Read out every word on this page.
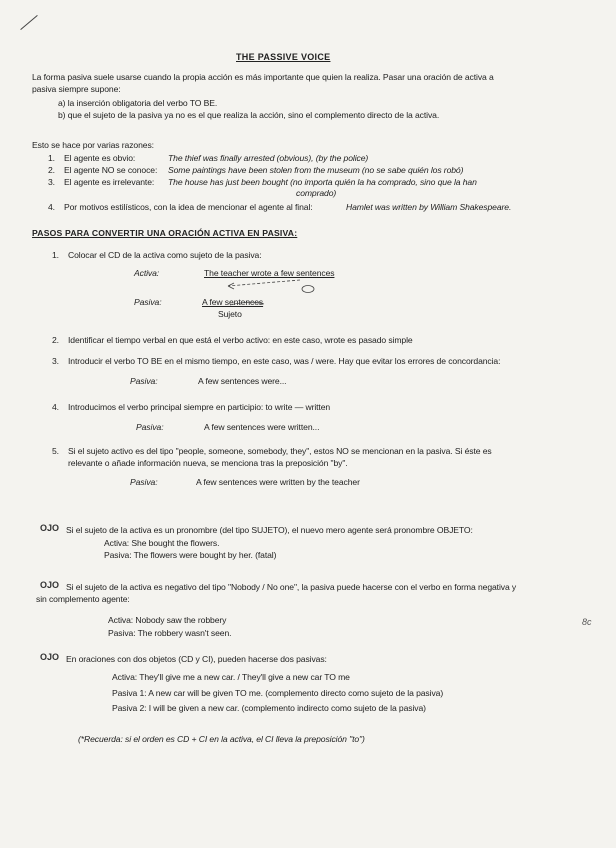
THE PASSIVE VOICE
La forma pasiva suele usarse cuando la propia acción es más importante que quien la realiza. Pasar una oración de activa a
pasiva siempre supone:
a) la inserción obligatoria del verbo TO BE.
b) que el sujeto de la pasiva ya no es el que realiza la acción, sino el complemento directo de la activa.
Esto se hace por varias razones:
1. El agente es obvio:	The thief was finally arrested (obvious), (by the police)
2. El agente NO se conoce: Some paintings have been stolen from the museum (no se sabe quién los robó)
3. El agente es irrelevante: The house has just been bought (no importa quién la ha comprado, sino que la han
comprado)
4. Por motivos estilísticos, con la idea de mencionar el agente al final:	Hamlet was written by William Shakespeare.
PASOS PARA CONVERTIR UNA ORACIÓN ACTIVA EN PASIVA:
1. Colocar el CD de la activa como sujeto de la pasiva:
Activa:	The teacher wrote a few sentences
Pasiva:	A few sentences
Sujeto
2. Identificar el tiempo verbal en que está el verbo activo: en este caso, wrote es pasado simple
3. Introducir el verbo TO BE en el mismo tiempo, en este caso, was / were. Hay que evitar los errores de concordancia:
Pasiva:	A few sentences were...
4. Introducimos el verbo principal siempre en participio: to write — written
Pasiva:	A few sentences were written...
5. Si el sujeto activo es del tipo "people, someone, somebody, they", estos NO se mencionan en la pasiva. Si éste es
relevante o añade información nueva, se menciona tras la preposición "by".
Pasiva:	A few sentences were written by the teacher
OJO Si el sujeto de la activa es un pronombre (del tipo SUJETO), el nuevo mero agente será pronombre OBJETO:
Activa: She bought the flowers.
Pasiva: The flowers were bought by her. (fatal)
OJO Si el sujeto de la activa es negativo del tipo "Nobody / No one", la pasiva puede hacerse con el verbo en forma negativa y
sin complemento agente:
Activa: Nobody saw the robbery
Pasiva: The robbery wasn't seen.
OJO En oraciones con dos objetos (CD y CI), pueden hacerse dos pasivas:
Activa: They'll give me a new car. / They'll give a new car TO me
Pasiva 1: A new car will be given TO me. (complemento directo como sujeto de la pasiva)
Pasiva 2: I will be given a new car. (complemento indirecto como sujeto de la pasiva)
(*Recuerda: si el orden es CD + CI en la activa, el CI lleva la preposición "to")
8c
